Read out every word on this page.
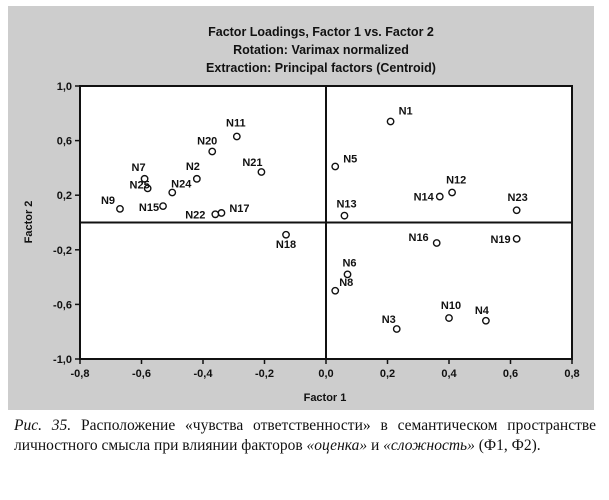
Factor Loadings, Factor 1 vs. Factor 2
Rotation: Varimax normalized
Extraction: Principal factors (Centroid)
-0,8	-0,6	-0,4	-0,2	0,0	0,2	0,4	0,6	0,8
1,0
0,6
0,2
-0,2
-0,6
-1,0
N1
N2
N3
N4
N5
N6
N7
N8
N9
N10
N11
N12
N13
N14
N15
N16
N17
N18	N19
N20
N21
N22
N23
N24
N25
Factor 1
Factor 2
Рис. 35. Расположение «чувства ответственности» в семантическом пространстве личностного смысла при влиянии факторов «оценка» и «сложность» (Ф1, Ф2).
